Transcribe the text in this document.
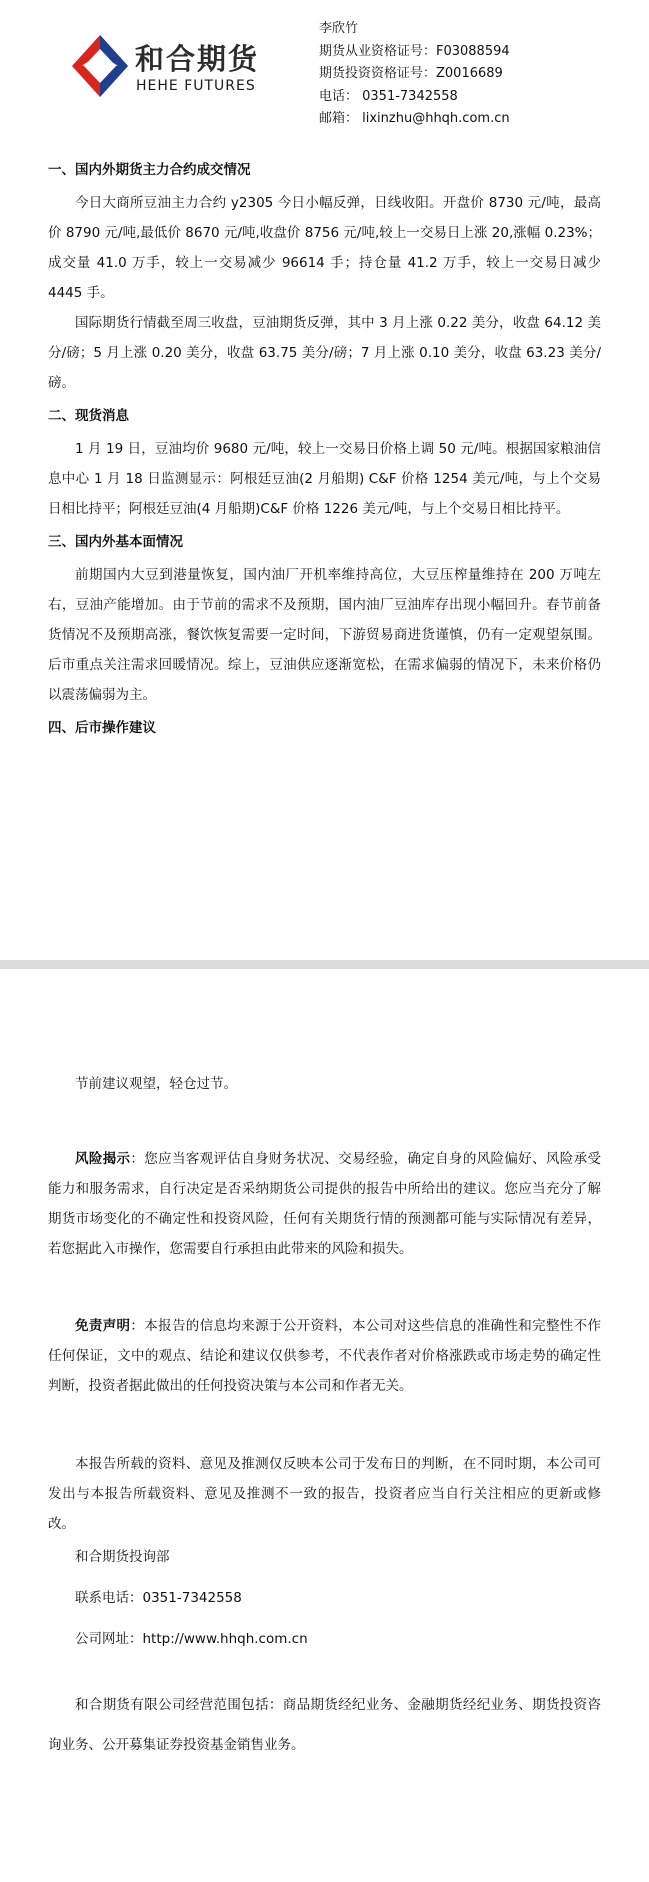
和合期货
HEHE FUTURES
李欣竹
期货从业资格证号：F03088594
期货投资资格证号：Z0016689
电话： 0351-7342558
邮箱： lixinzhu@hhqh.com.cn
一、国内外期货主力合约成交情况

今日大商所豆油主力合约 y2305 今日小幅反弹，日线收阳。开盘价 8730 元/吨，最高价 8790 元/吨,最低价 8670 元/吨,收盘价 8756 元/吨,较上一交易日上涨 20,涨幅 0.23%；成交量 41.0 万手，较上一交易减少 96614 手；持仓量 41.2 万手，较上一交易日减少 4445 手。

国际期货行情截至周三收盘，豆油期货反弹，其中 3 月上涨 0.22 美分，收盘 64.12 美分/磅；5 月上涨 0.20 美分，收盘 63.75 美分/磅；7 月上涨 0.10 美分，收盘 63.23 美分/磅。

二、现货消息

1 月 19 日，豆油均价 9680 元/吨，较上一交易日价格上调 50 元/吨。根据国家粮油信息中心 1 月 18 日监测显示：阿根廷豆油(2 月船期) C&F 价格 1254 美元/吨，与上个交易日相比持平；阿根廷豆油(4 月船期)C&F 价格 1226 美元/吨，与上个交易日相比持平。

三、国内外基本面情况

前期国内大豆到港量恢复，国内油厂开机率维持高位，大豆压榨量维持在 200 万吨左右，豆油产能增加。由于节前的需求不及预期，国内油厂豆油库存出现小幅回升。春节前备货情况不及预期高涨，餐饮恢复需要一定时间，下游贸易商进货谨慎，仍有一定观望氛围。后市重点关注需求回暖情况。综上，豆油供应逐渐宽松，在需求偏弱的情况下，未来价格仍以震荡偏弱为主。

四、后市操作建议
节前建议观望，轻仓过节。

风险揭示：您应当客观评估自身财务状况、交易经验，确定自身的风险偏好、风险承受能力和服务需求，自行决定是否采纳期货公司提供的报告中所给出的建议。您应当充分了解期货市场变化的不确定性和投资风险，任何有关期货行情的预测都可能与实际情况有差异，若您据此入市操作，您需要自行承担由此带来的风险和损失。

免责声明：本报告的信息均来源于公开资料，本公司对这些信息的准确性和完整性不作任何保证，文中的观点、结论和建议仅供参考，不代表作者对价格涨跌或市场走势的确定性判断，投资者据此做出的任何投资决策与本公司和作者无关。

本报告所载的资料、意见及推测仅反映本公司于发布日的判断，在不同时期，本公司可发出与本报告所载资料、意见及推测不一致的报告，投资者应当自行关注相应的更新或修改。

和合期货投询部
联系电话：0351-7342558
公司网址：http://www.hhqh.com.cn

和合期货有限公司经营范围包括：商品期货经纪业务、金融期货经纪业务、期货投资咨询业务、公开募集证券投资基金销售业务。
